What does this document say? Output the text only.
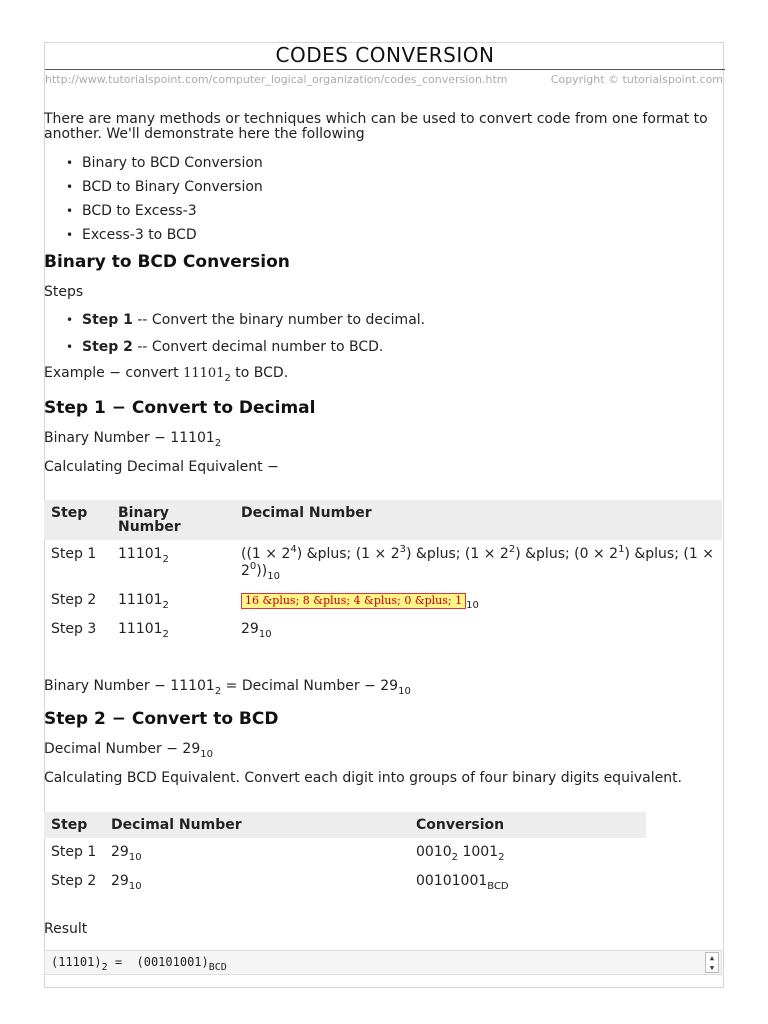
CODES CONVERSION
http://www.tutorialspoint.com/computer_logical_organization/codes_conversion.htm	Copyright © tutorialspoint.com

There are many methods or techniques which can be used to convert code from one format to another. We'll demonstrate here the following

• Binary to BCD Conversion
• BCD to Binary Conversion
• BCD to Excess-3
• Excess-3 to BCD
Binary to BCD Conversion

Steps

• Step 1 -- Convert the binary number to decimal.
• Step 2 -- Convert decimal number to BCD.

Example − convert $11101_2$ to BCD.

Step 1 − Convert to Decimal

Binary Number − $11101_2$

Calculating Decimal Equivalent −

Step	Binary Number	Decimal Number
Step 1	$11101_2$	($(1 \times 2^4)$ &plus; $(1 \times 2^3)$ &plus; $(1 \times 2^2)$ &plus; $(0 \times 2^1)$ &plus; (1 ×
$2^0))_{10}$
Step 2	$11101_2$	16 &plus; 8 &plus; 4 &plus; 0 &plus; 1 $_{10}$
Step 3	$11101_2$	$29_{10}$

Binary Number − $11101_2$ = Decimal Number − $29_{10}$

Step 2 − Convert to BCD

Decimal Number − $29_{10}$

Calculating BCD Equivalent. Convert each digit into groups of four binary digits equivalent.

Step	Decimal Number	Conversion
Step 1	$29_{10}$	$0010_2$ $1001_2$
Step 2	$29_{10}$	$00101001_{BCD}$

Result

$(11101)_2 = (00101001)_{BCD}$
▲
▼
